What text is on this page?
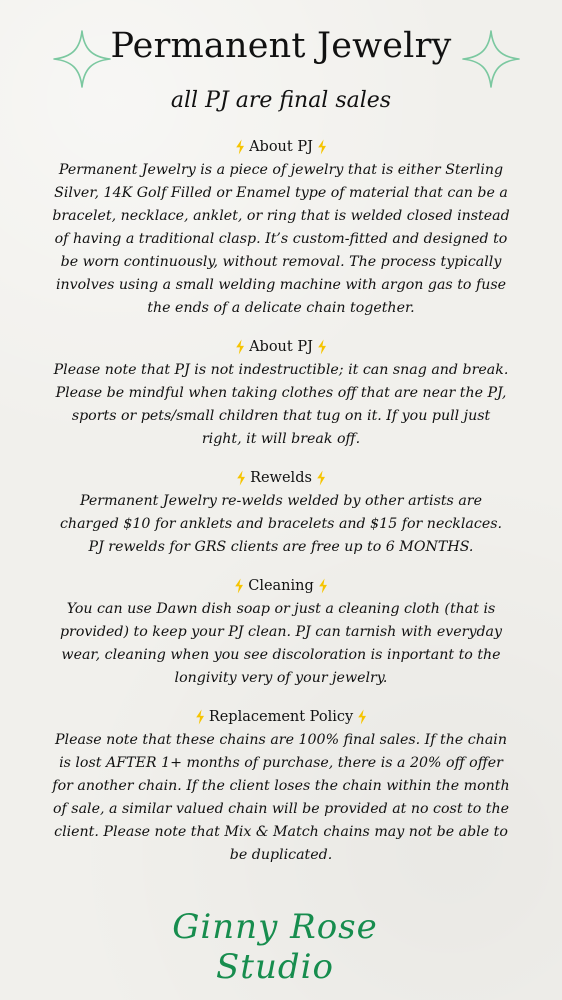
Permanent Jewelry
all PJ are final sales
About PJ
Permanent Jewelry is a piece of jewelry that is either Sterling Silver, 14K Golf Filled or Enamel type of material that can be a bracelet, necklace, anklet, or ring that is welded closed instead of having a traditional clasp. It’s custom-fitted and designed to be worn continuously, without removal. The process typically involves using a small welding machine with argon gas to fuse the ends of a delicate chain together.
About PJ
Please note that PJ is not indestructible; it can snag and break. Please be mindful when taking clothes off that are near the PJ, sports or pets/small children that tug on it. If you pull just right, it will break off.
Rewelds
Permanent Jewelry re-welds welded by other artists are charged $10 for anklets and bracelets and $15 for necklaces. PJ rewelds for GRS clients are free up to 6 MONTHS.
Cleaning
You can use Dawn dish soap or just a cleaning cloth (that is provided) to keep your PJ clean. PJ can tarnish with everyday wear, cleaning when you see discoloration is inportant to the longivity very of your jewelry.
Replacement Policy
Please note that these chains are 100% final sales. If the chain is lost AFTER 1+ months of purchase, there is a 20% off offer for another chain. If the client loses the chain within the month of sale, a similar valued chain will be provided at no cost to the client. Please note that Mix & Match chains may not be able to be duplicated.
Ginny Rose Studio
